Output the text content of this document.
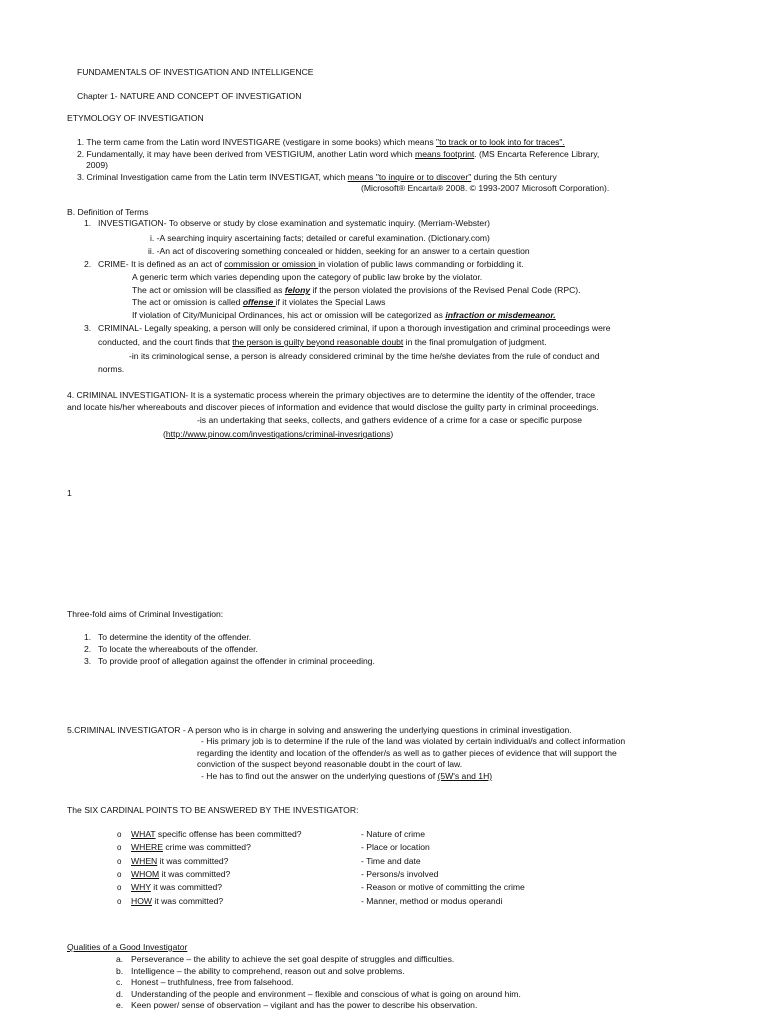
FUNDAMENTALS OF INVESTIGATION AND INTELLIGENCE
Chapter 1- NATURE AND CONCEPT OF INVESTIGATION
ETYMOLOGY OF INVESTIGATION
1. The term came from the Latin word INVESTIGARE (vestigare in some books) which means "to track or to look into for traces".
2. Fundamentally, it may have been derived from VESTIGIUM, another Latin word which means footprint. (MS Encarta Reference Library,
2009)
3. Criminal Investigation came from the Latin term INVESTIGAT, which means "to inquire or to discover" during the 5th century
(Microsoft® Encarta® 2008. © 1993-2007 Microsoft Corporation).
B. Definition of Terms
1. INVESTIGATION- To observe or study by close examination and systematic inquiry. (Merriam-Webster)
i. -A searching inquiry ascertaining facts; detailed or careful examination. (Dictionary.com)
ii. -An act of discovering something concealed or hidden, seeking for an answer to a certain question
2. CRIME- It is defined as an act of commission or omission in violation of public laws commanding or forbidding it.
A generic term which varies depending upon the category of public law broke by the violator.
The act or omission will be classified as felony if the person violated the provisions of the Revised Penal Code (RPC).
The act or omission is called offense if it violates the Special Laws
If violation of City/Municipal Ordinances, his act or omission will be categorized as infraction or misdemeanor.
3. CRIMINAL- Legally speaking, a person will only be considered criminal, if upon a thorough investigation and criminal proceedings were
conducted, and the court finds that the person is guilty beyond reasonable doubt in the final promulgation of judgment.
-in its criminological sense, a person is already considered criminal by the time he/she deviates from the rule of conduct and
norms.
4. CRIMINAL INVESTIGATION- It is a systematic process wherein the primary objectives are to determine the identity of the offender, trace
and locate his/her whereabouts and discover pieces of information and evidence that would disclose the guilty party in criminal proceedings.
-is an undertaking that seeks, collects, and gathers evidence of a crime for a case or specific purpose
(http://www.pinow.com/investigations/criminal-invesrigations)
1
Three-fold aims of Criminal Investigation:
1. To determine the identity of the offender.
2. To locate the whereabouts of the offender.
3. To provide proof of allegation against the offender in criminal proceeding.
5.CRIMINAL INVESTIGATOR - A person who is in charge in solving and answering the underlying questions in criminal investigation.
- His primary job is to determine if the rule of the land was violated by certain individual/s and collect information
regarding the identity and location of the offender/s as well as to gather pieces of evidence that will support the
conviction of the suspect beyond reasonable doubt in the court of law.
- He has to find out the answer on the underlying questions of (5W's and 1H)
The SIX CARDINAL POINTS TO BE ANSWERED BY THE INVESTIGATOR:
o WHAT specific offense has been committed?	- Nature of crime
o WHERE crime was committed?	- Place or location
o WHEN it was committed?	- Time and date
o WHOM it was committed?	- Persons/s involved
o WHY it was committed?	- Reason or motive of committing the crime
o HOW it was committed?	- Manner, method or modus operandi
Qualities of a Good Investigator
a. Perseverance – the ability to achieve the set goal despite of struggles and difficulties.
b. Intelligence – the ability to comprehend, reason out and solve problems.
c. Honest – truthfulness, free from falsehood.
d. Understanding of the people and environment – flexible and conscious of what is going on around him.
e. Keen power/ sense of observation – vigilant and has the power to describe his observation.
